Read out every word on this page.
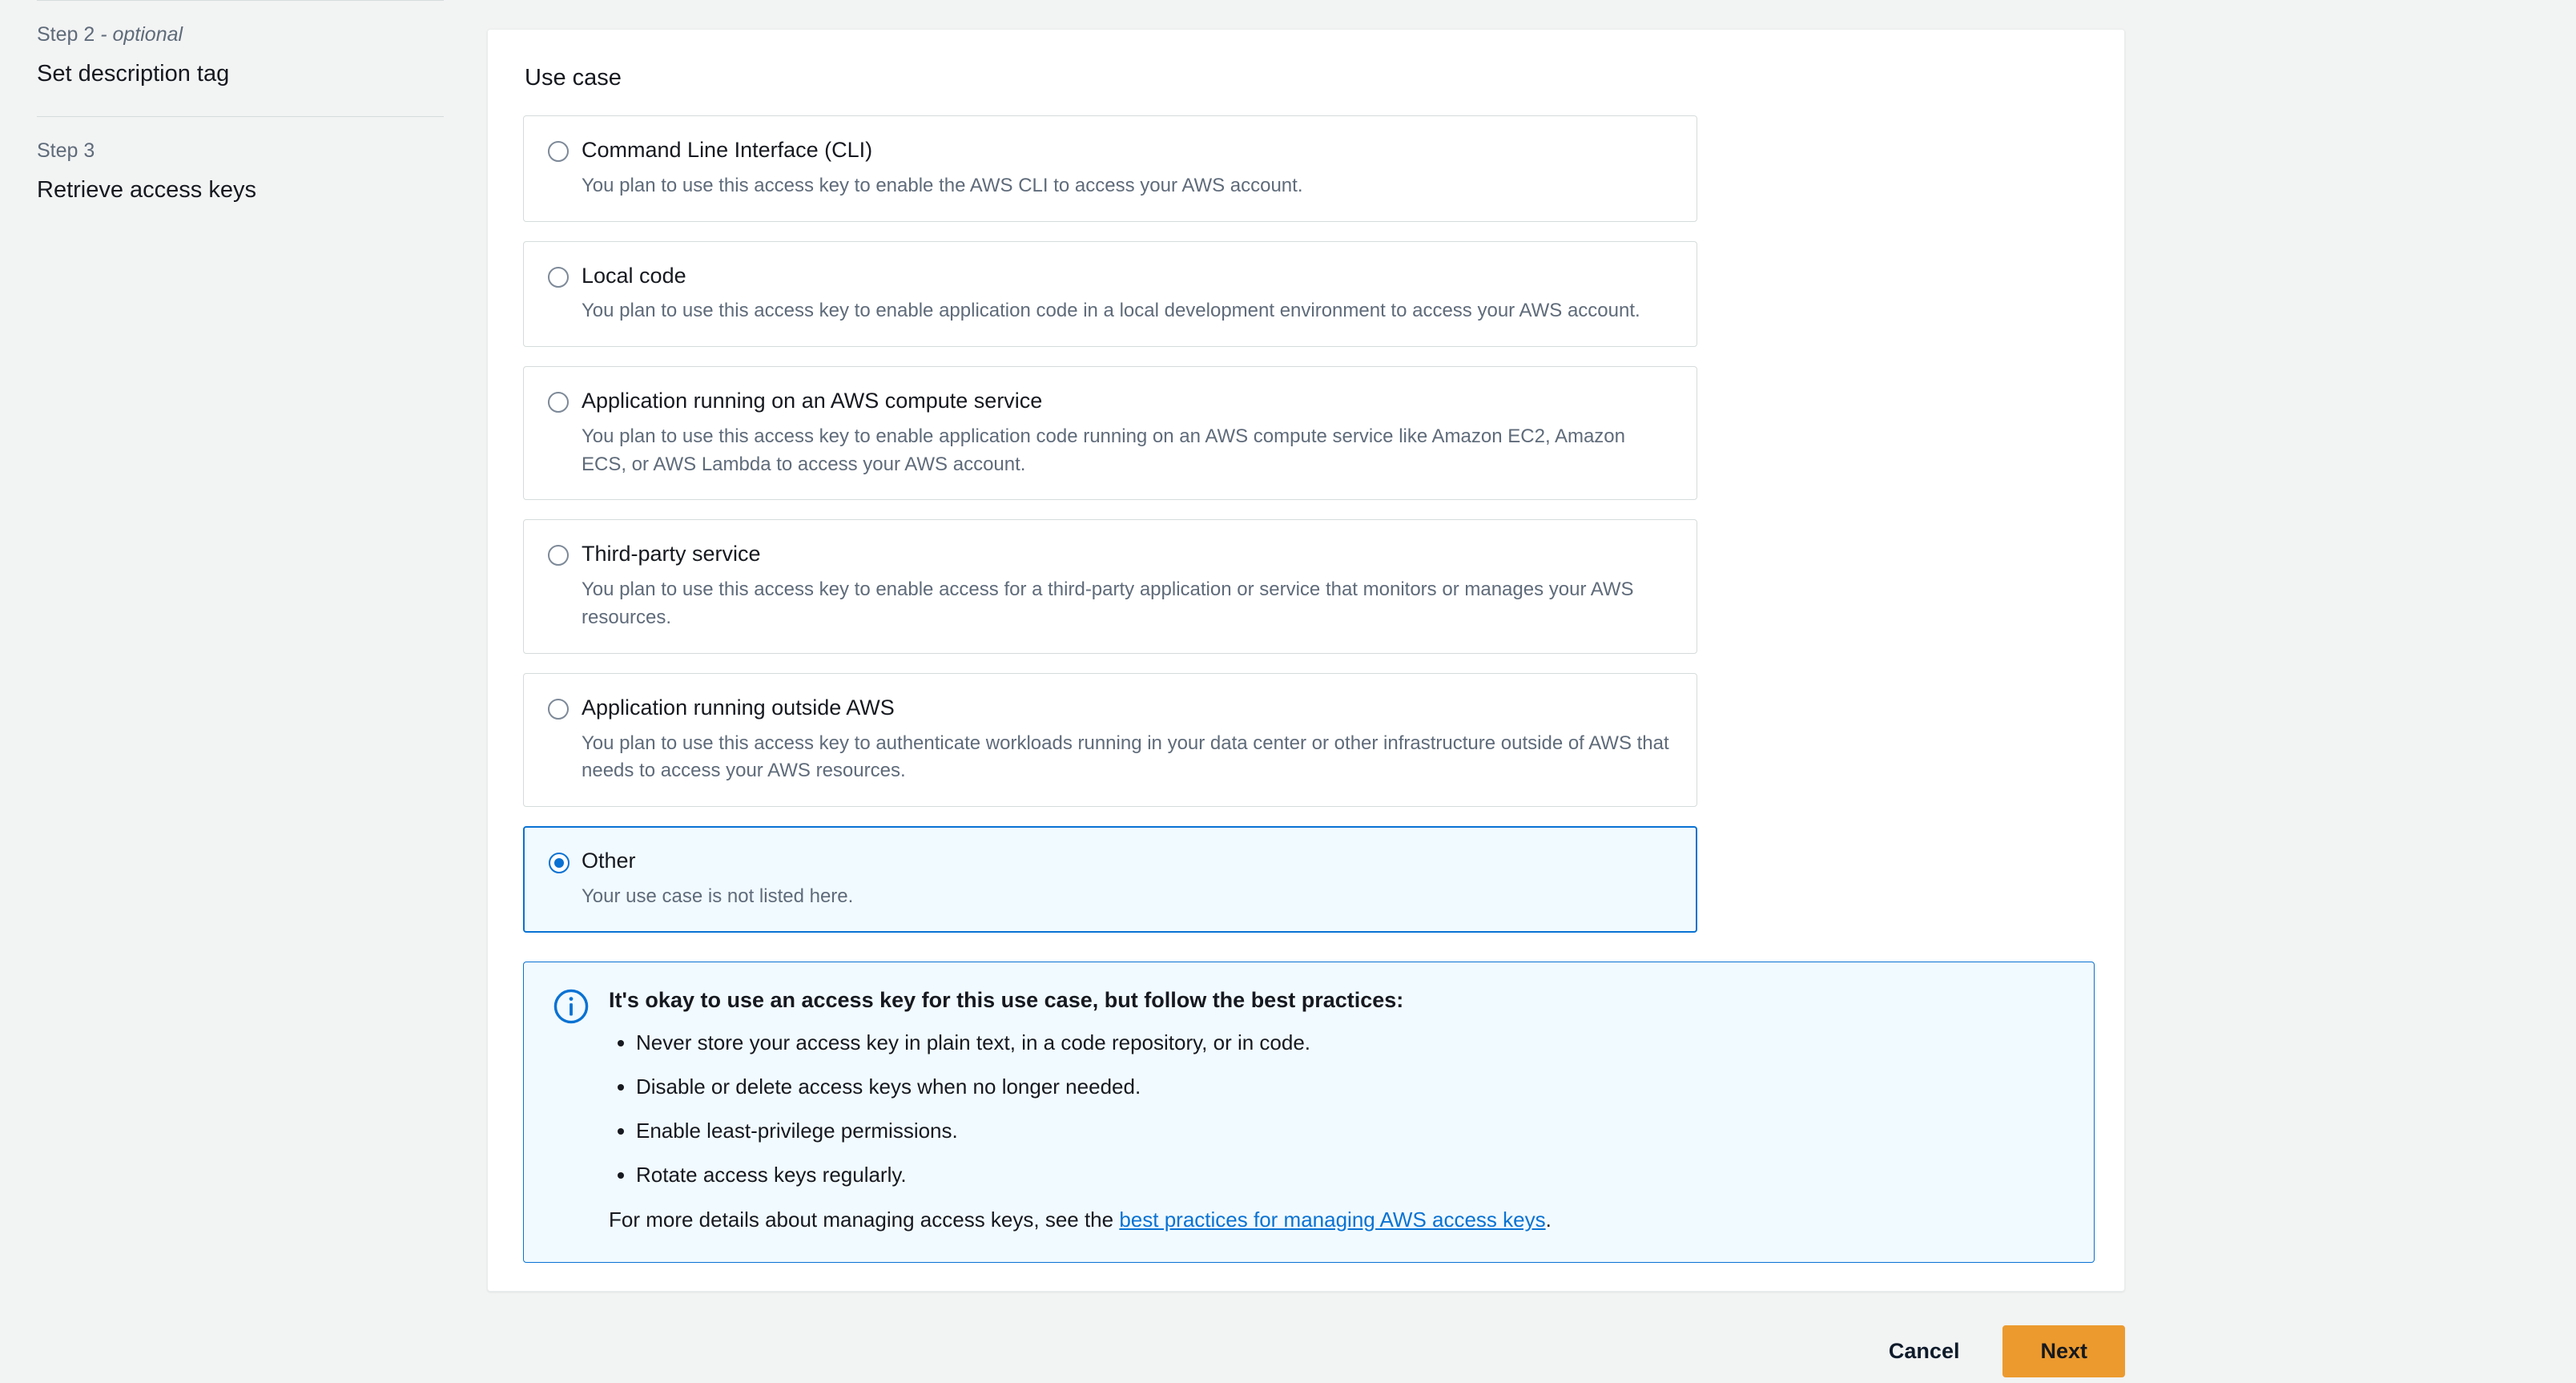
Step 2 - optional
Set description tag
Step 3
Retrieve access keys
Use case
Command Line Interface (CLI)
You plan to use this access key to enable the AWS CLI to access your AWS account.
Local code
You plan to use this access key to enable application code in a local development environment to access your AWS account.
Application running on an AWS compute service
You plan to use this access key to enable application code running on an AWS compute service like Amazon EC2, Amazon ECS, or AWS Lambda to access your AWS account.
Third-party service
You plan to use this access key to enable access for a third-party application or service that monitors or manages your AWS resources.
Application running outside AWS
You plan to use this access key to authenticate workloads running in your data center or other infrastructure outside of AWS that needs to access your AWS resources.
Other
Your use case is not listed here.
It's okay to use an access key for this use case, but follow the best practices:
• Never store your access key in plain text, in a code repository, or in code.
• Disable or delete access keys when no longer needed.
• Enable least-privilege permissions.
• Rotate access keys regularly.
For more details about managing access keys, see the best practices for managing AWS access keys.
Cancel	Next
